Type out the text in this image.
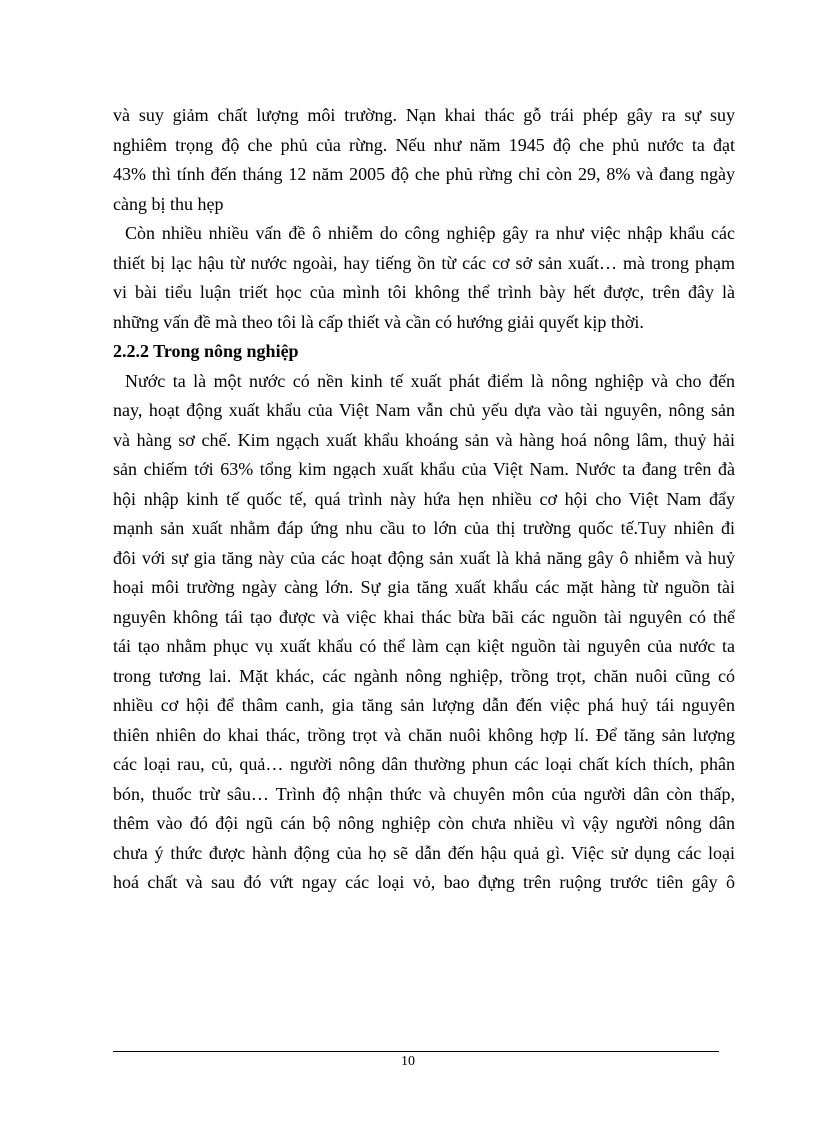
và suy giảm chất lượng môi trường. Nạn khai thác gỗ trái phép gây ra sự suy
nghiêm trọng độ che phủ của rừng. Nếu như năm 1945 độ che phủ nước ta đạt
43% thì tính đến tháng 12 năm 2005 độ che phủ rừng chỉ còn 29, 8% và đang ngày
càng bị thu hẹp
Còn nhiều nhiều vấn đề ô nhiễm do công nghiệp gây ra như việc nhập khẩu các
thiết bị lạc hậu từ nước ngoài, hay tiếng ồn từ các cơ sở sản xuất… mà trong phạm
vi bài tiểu luận triết học của mình tôi không thể trình bày hết được, trên đây là
những vấn đề mà theo tôi là cấp thiết và cần có hướng giải quyết kịp thời.
2.2.2 Trong nông nghiệp
Nước ta là một nước có nền kinh tế xuất phát điểm là nông nghiệp và cho đến
nay, hoạt động xuất khẩu của Việt Nam vẫn chủ yếu dựa vào tài nguyên, nông sản
và hàng sơ chế. Kim ngạch xuất khẩu khoáng sản và hàng hoá nông lâm, thuỷ hải
sản chiếm tới 63% tổng kim ngạch xuất khẩu của Việt Nam. Nước ta đang trên đà
hội nhập kinh tế quốc tế, quá trình này hứa hẹn nhiều cơ hội cho Việt Nam đẩy
mạnh sản xuất nhằm đáp ứng nhu cầu to lớn của thị trường quốc tế.Tuy nhiên đi
đôi với sự gia tăng này của các hoạt động sản xuất là khả năng gây ô nhiễm và huỷ
hoại môi trường ngày càng lớn. Sự gia tăng xuất khẩu các mặt hàng từ nguồn tài
nguyên không tái tạo được và việc khai thác bừa bãi các nguồn tài nguyên có thể
tái tạo nhằm phục vụ xuất khẩu có thể làm cạn kiệt nguồn tài nguyên của nước ta
trong tương lai. Mặt khác, các ngành nông nghiệp, trồng trọt, chăn nuôi cũng có
nhiều cơ hội để thâm canh, gia tăng sản lượng dẫn đến việc phá huỷ tái nguyên
thiên nhiên do khai thác, trồng trọt và chăn nuôi không hợp lí. Để tăng sản lượng
các loại rau, củ, quả… người nông dân thường phun các loại chất kích thích, phân
bón, thuốc trừ sâu… Trình độ nhận thức và chuyên môn của người dân còn thấp,
thêm vào đó đội ngũ cán bộ nông nghiệp còn chưa nhiều vì vậy người nông dân
chưa ý thức được hành động của họ sẽ dẫn đến hậu quả gì. Việc sử dụng các loại
hoá chất và sau đó vứt ngay các loại vỏ, bao đựng trên ruộng trước tiên gây ô
10
